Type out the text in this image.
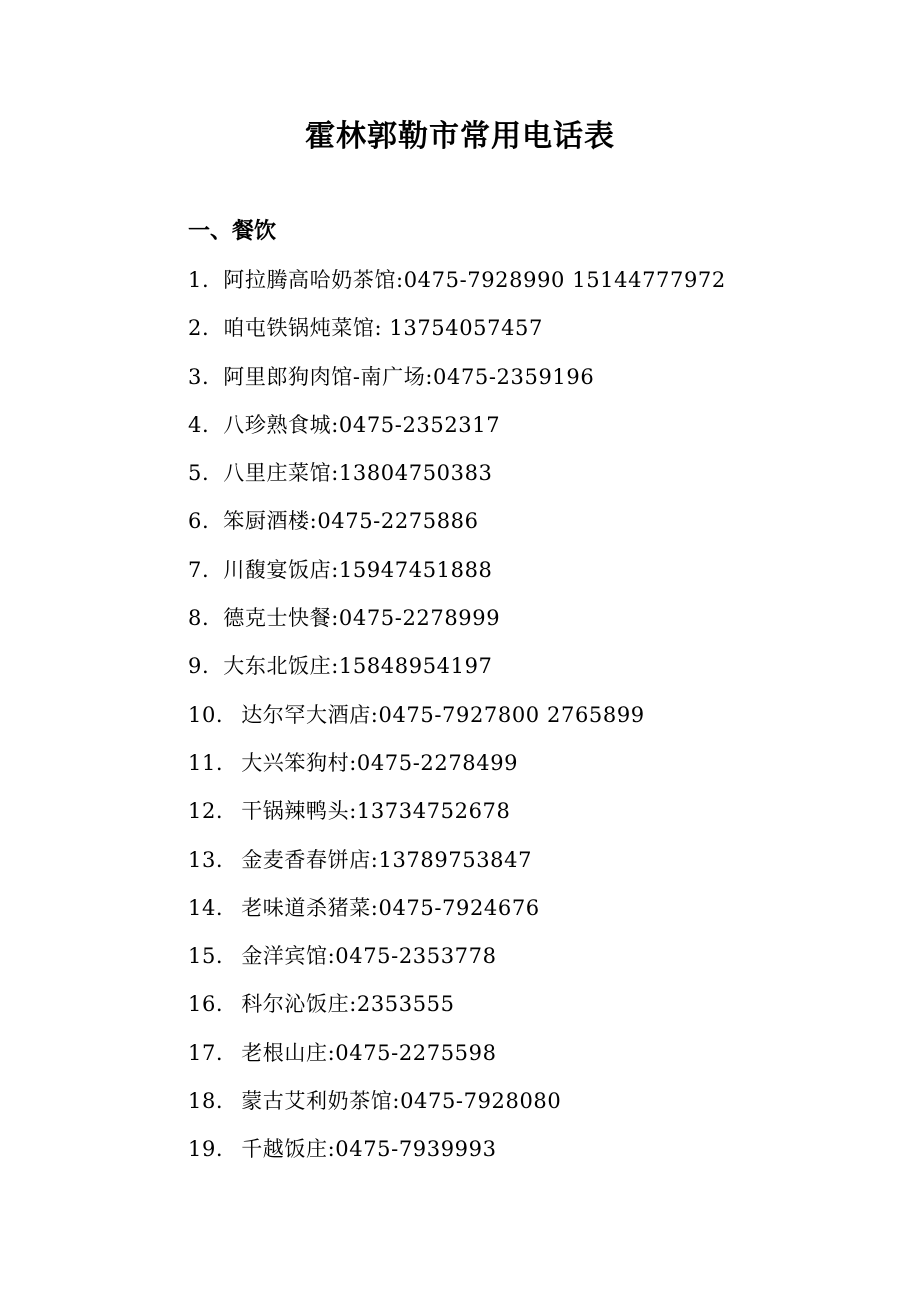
霍林郭勒市常用电话表
一、餐饮
1. 阿拉腾高哈奶茶馆:0475-7928990 15144777972
2. 咱屯铁锅炖菜馆: 13754057457
3. 阿里郎狗肉馆-南广场:0475-2359196
4. 八珍熟食城:0475-2352317
5. 八里庄菜馆:13804750383
6. 笨厨酒楼:0475-2275886
7. 川馥宴饭店:15947451888
8. 德克士快餐:0475-2278999
9. 大东北饭庄:15848954197
10. 达尔罕大酒店:0475-7927800 2765899
11. 大兴笨狗村:0475-2278499
12. 干锅辣鸭头:13734752678
13. 金麦香春饼店:13789753847
14. 老味道杀猪菜:0475-7924676
15. 金洋宾馆:0475-2353778
16. 科尔沁饭庄:2353555
17. 老根山庄:0475-2275598
18. 蒙古艾利奶茶馆:0475-7928080
19. 千越饭庄:0475-7939993
